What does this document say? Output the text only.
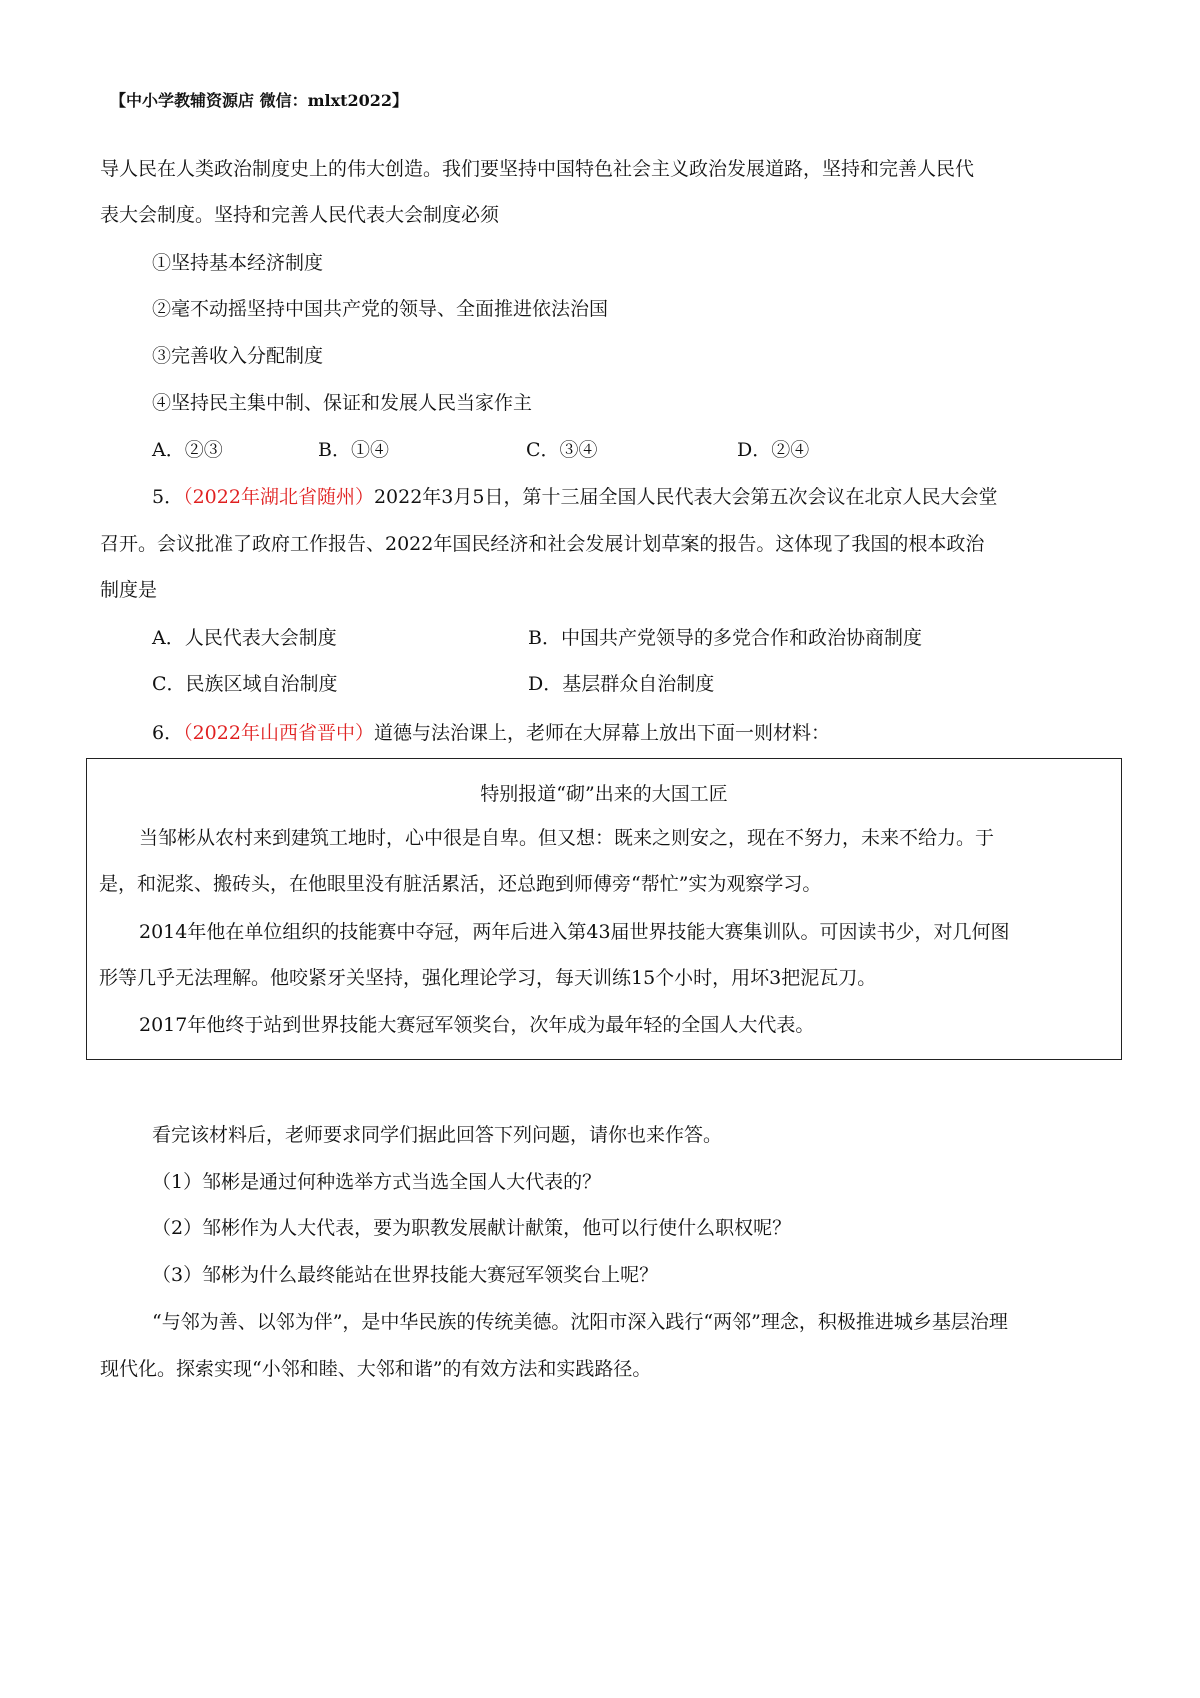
【中小学教辅资源店 微信：mlxt2022】
导人民在人类政治制度史上的伟大创造。我们要坚持中国特色社会主义政治发展道路，坚持和完善人民代
表大会制度。坚持和完善人民代表大会制度必须
①坚持基本经济制度
②毫不动摇坚持中国共产党的领导、全面推进依法治国
③完善收入分配制度
④坚持民主集中制、保证和发展人民当家作主
A．②③	B．①④	C．③④	D．②④
5．（2022年湖北省随州）2022年3月5日，第十三届全国人民代表大会第五次会议在北京人民大会堂
召开。会议批准了政府工作报告、2022年国民经济和社会发展计划草案的报告。这体现了我国的根本政治
制度是
A．人民代表大会制度	B．中国共产党领导的多党合作和政治协商制度
C．民族区域自治制度	D．基层群众自治制度
6．（2022年山西省晋中）道德与法治课上，老师在大屏幕上放出下面一则材料：
特别报道“砌”出来的大国工匠
当邹彬从农村来到建筑工地时，心中很是自卑。但又想：既来之则安之，现在不努力，未来不给力。于
是，和泥浆、搬砖头，在他眼里没有脏活累活，还总跑到师傅旁“帮忙”实为观察学习。
2014年他在单位组织的技能赛中夺冠，两年后进入第43届世界技能大赛集训队。可因读书少，对几何图
形等几乎无法理解。他咬紧牙关坚持，强化理论学习，每天训练15个小时，用坏3把泥瓦刀。
2017年他终于站到世界技能大赛冠军领奖台，次年成为最年轻的全国人大代表。
看完该材料后，老师要求同学们据此回答下列问题，请你也来作答。
（1）邹彬是通过何种选举方式当选全国人大代表的？
（2）邹彬作为人大代表，要为职教发展献计献策，他可以行使什么职权呢？
（3）邹彬为什么最终能站在世界技能大赛冠军领奖台上呢？
“与邻为善、以邻为伴”，是中华民族的传统美德。沈阳市深入践行“两邻”理念，积极推进城乡基层治理
现代化。探索实现“小邻和睦、大邻和谐”的有效方法和实践路径。
